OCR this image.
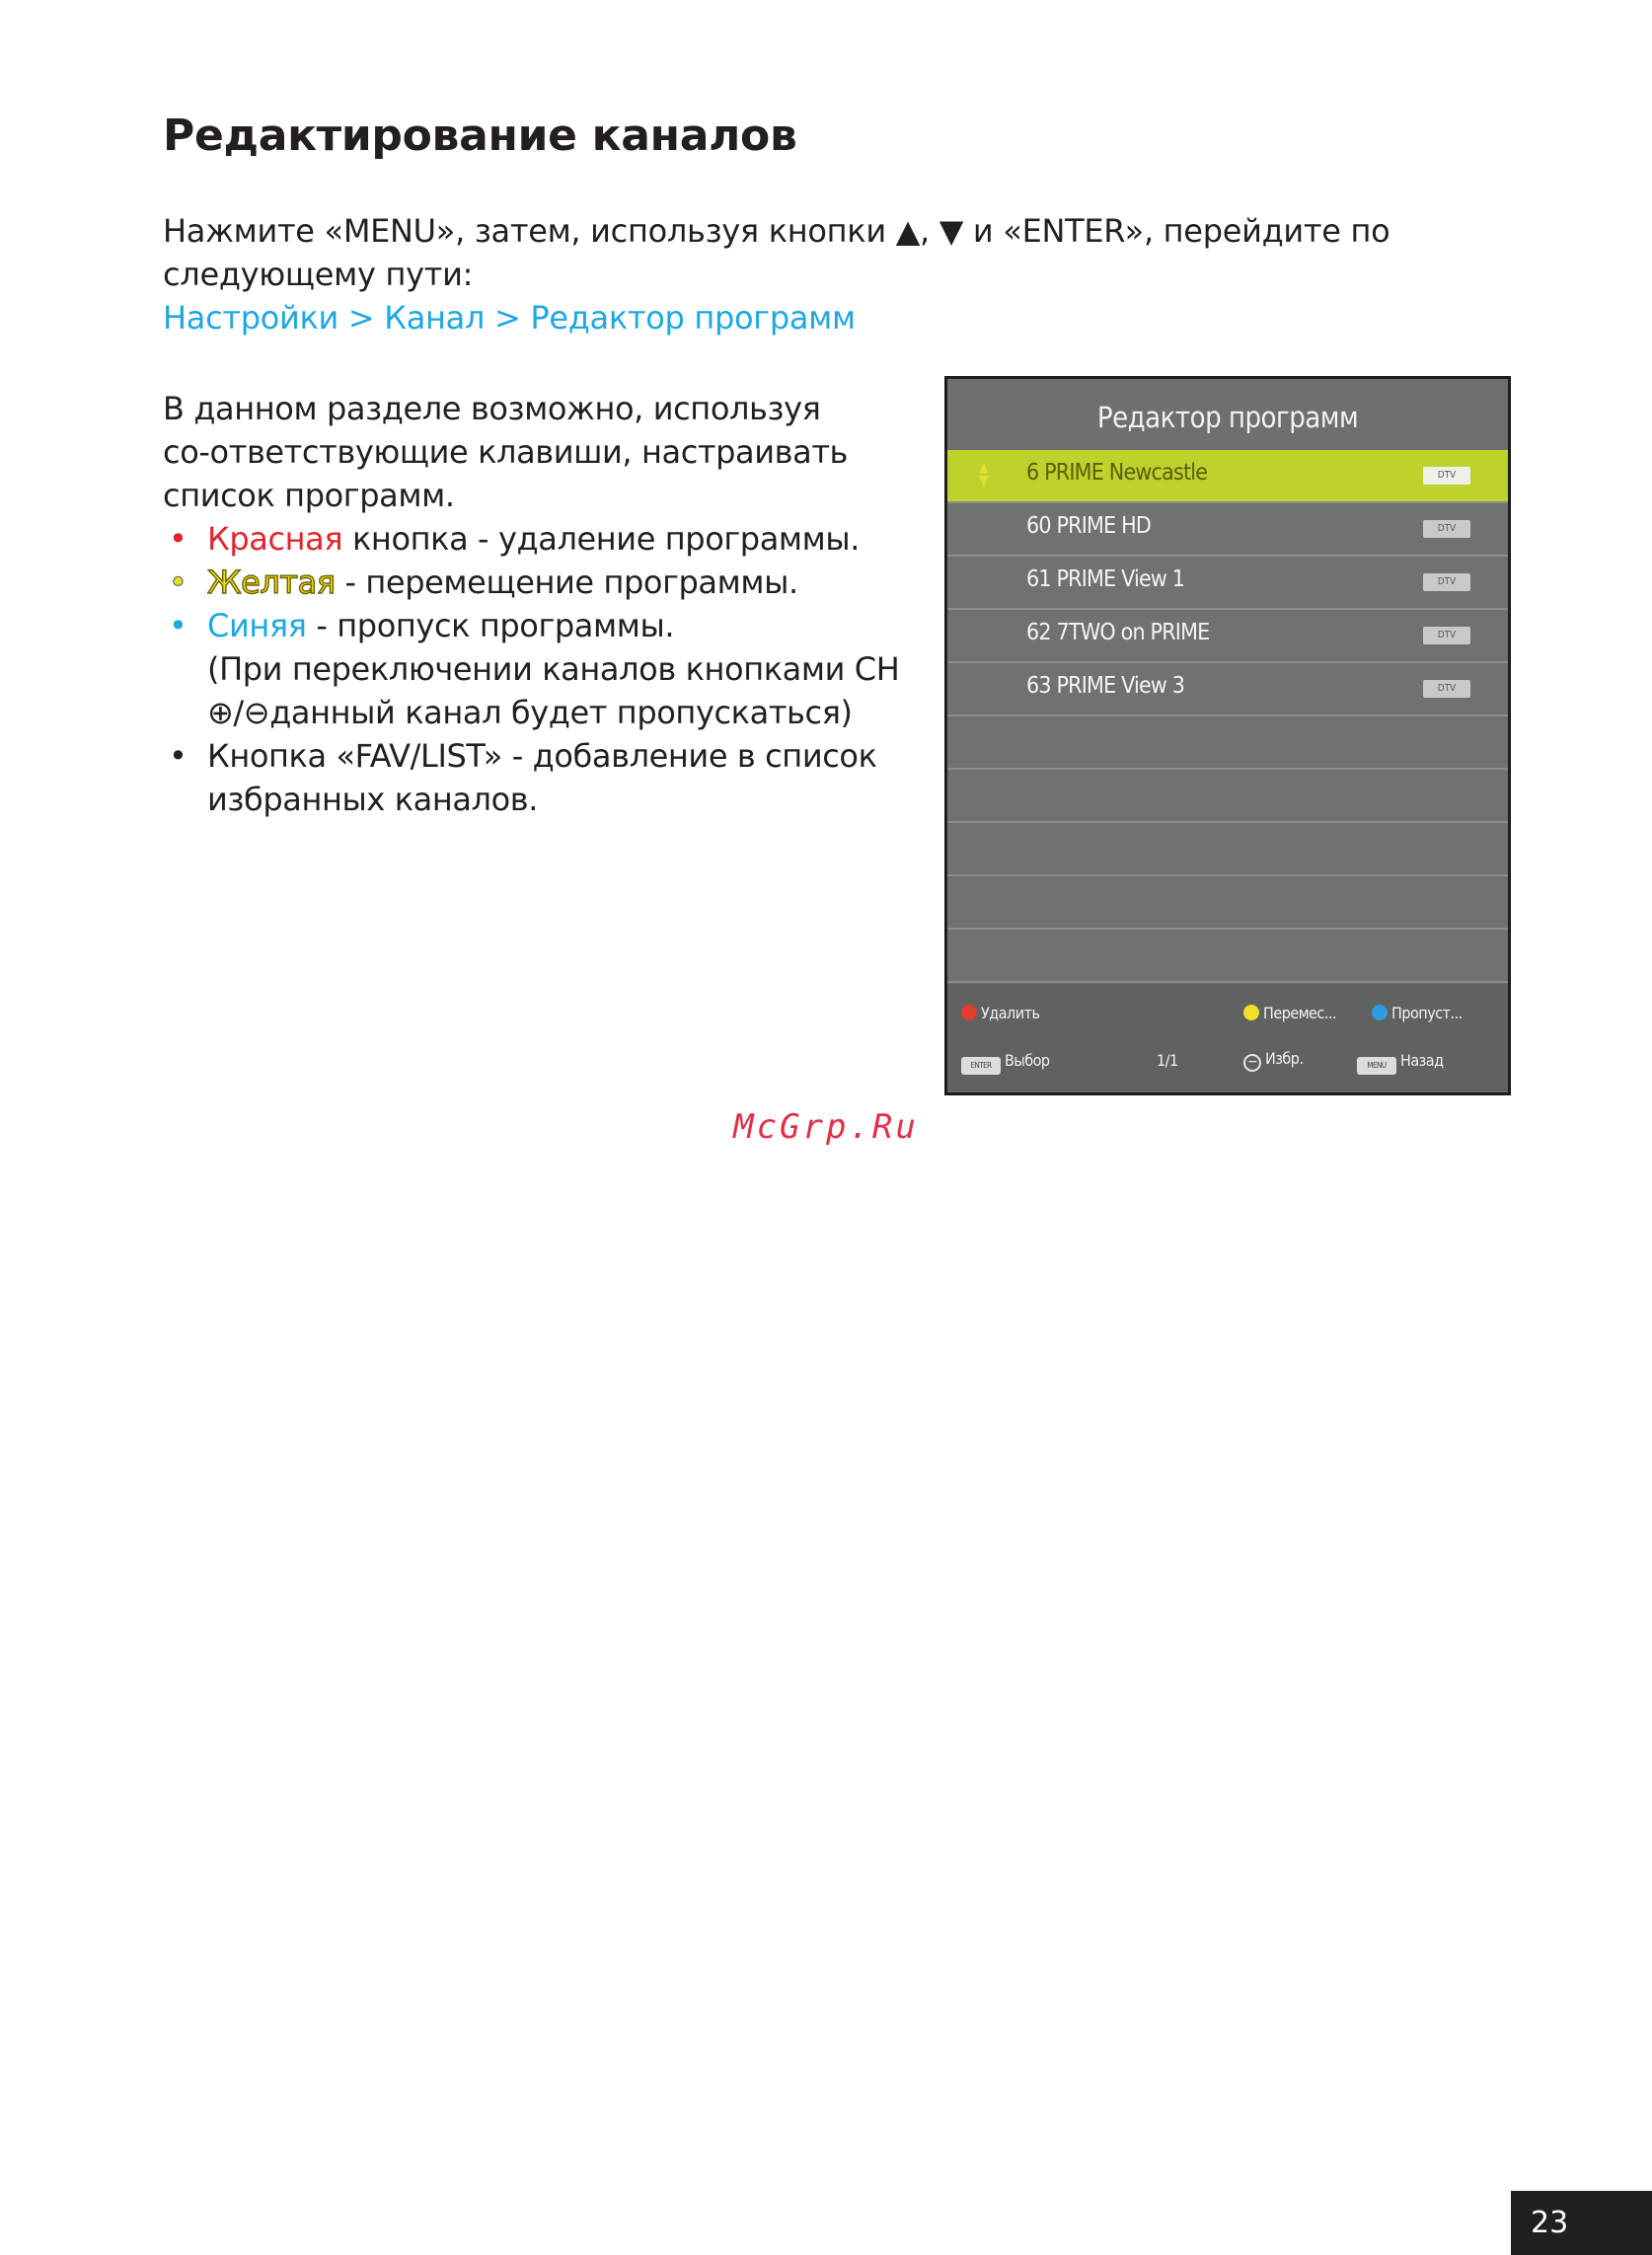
Редактирование каналов
Нажмите «MENU», затем, используя кнопки ▲, ▼ и «ENTER», перейдите по следующему пути:
Настройки > Канал > Редактор программ
В данном разделе возможно, используя со-ответствующие клавиши, настраивать список программ.
• Красная кнопка - удаление программы.
• Желтая - перемещение программы.
• Синяя - пропуск программы.
(При переключении каналов кнопками CH ⊕/⊖данный канал будет пропускаться)
• Кнопка «FAV/LIST» - добавление в список избранных каналов.
Редактор программ
▲
▼ 6 PRIME Newcastle	DTV
60 PRIME HD	DTV
61 PRIME View 1	DTV
62 7TWO on PRIME	DTV
63 PRIME View 3	DTV
Удалить	Перемес...	Пропуст...
ENTER Выбор	1/1	− Избр.	MENU Назад
McGrp.Ru
23
